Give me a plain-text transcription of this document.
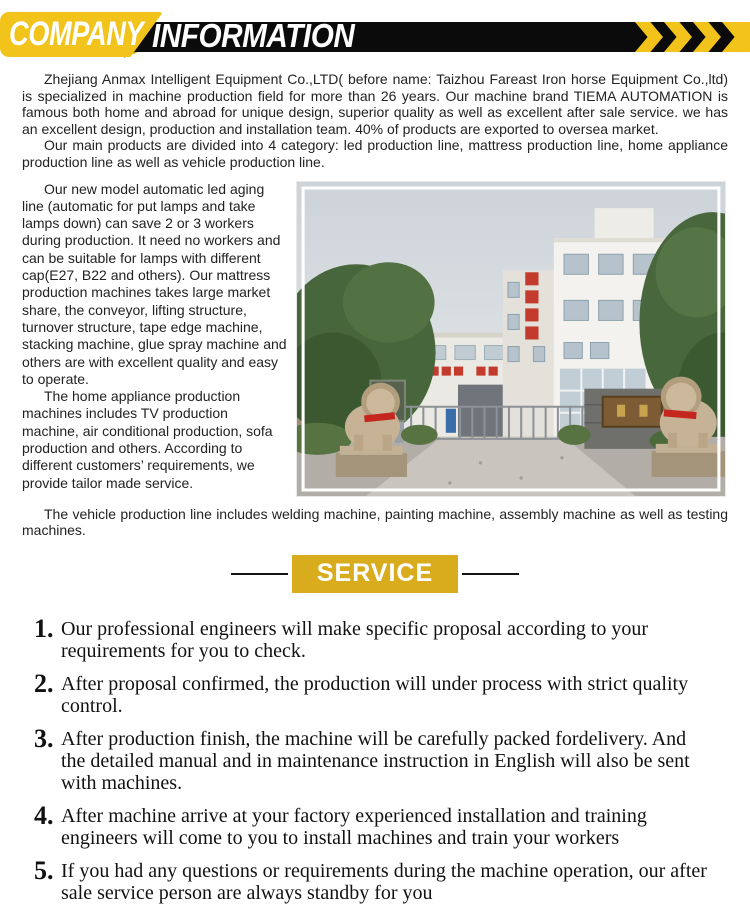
COMPANY INFORMATION

Zhejiang Anmax Intelligent Equipment Co.,LTD( before name: Taizhou Fareast Iron horse Equipment Co.,ltd) is specialized in machine production field for more than 26 years. Our machine brand TIEMA AUTOMATION is famous both home and abroad for unique design, superior quality as well as excellent after sale service. we has an excellent design, production and installation team. 40% of products are exported to oversea market.

Our main products are divided into 4 category: led production line, mattress production line, home appliance production line as well as vehicle production line.

Our new model automatic led aging line (automatic for put lamps and take lamps down) can save 2 or 3 workers during production. It need no workers and can be suitable for lamps with different cap(E27, B22 and others). Our mattress production machines takes large market share, the conveyor, lifting structure, turnover structure, tape edge machine, stacking machine, glue spray machine and others are with excellent quality and easy to operate.

The home appliance production machines includes TV production machine, air conditional production, sofa production and others. According to different customers’ requirements, we provide tailor made service.

The vehicle production line includes welding machine, painting machine, assembly machine as well as testing machines.

SERVICE
1. Our professional engineers will make specific proposal according to your requirements for you to check.
2. After proposal confirmed, the production will under process with strict quality control.
3. After production finish, the machine will be carefully packed fordelivery. And the detailed manual and in maintenance instruction in English will also be sent with machines.
4. After machine arrive at your factory experienced installation and training engineers will come to you to install machines and train your workers
5. If you had any questions or requirements during the machine operation, our after sale service person are always standby for you
